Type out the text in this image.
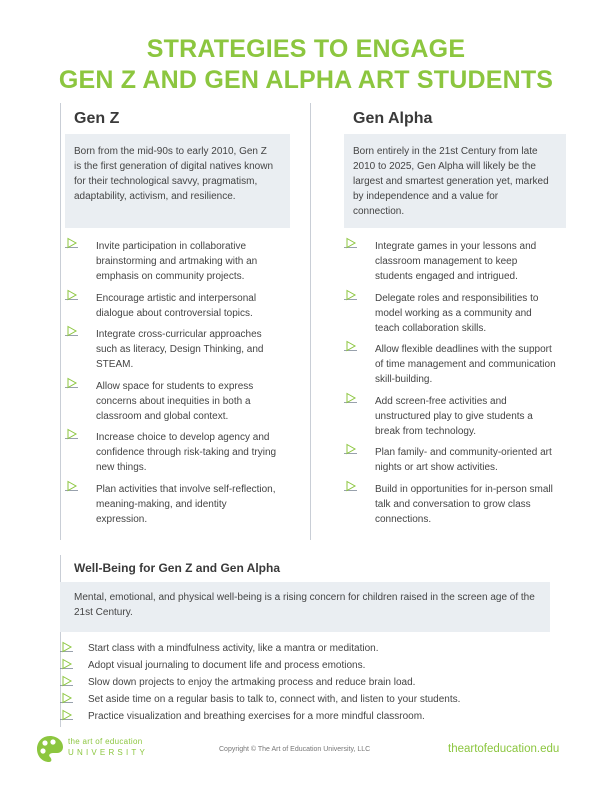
STRATEGIES TO ENGAGE
GEN Z AND GEN ALPHA ART STUDENTS
Gen Z
Born from the mid-90s to early 2010, Gen Z is the first generation of digital natives known for their technological savvy, pragmatism, adaptability, activism, and resilience.
Invite participation in collaborative brainstorming and artmaking with an emphasis on community projects.
Encourage artistic and interpersonal dialogue about controversial topics.
Integrate cross-curricular approaches such as literacy, Design Thinking, and STEAM.
Allow space for students to express concerns about inequities in both a classroom and global context.
Increase choice to develop agency and confidence through risk-taking and trying new things.
Plan activities that involve self-reflection, meaning-making, and identity expression.
Gen Alpha
Born entirely in the 21st Century from late 2010 to 2025, Gen Alpha will likely be the largest and smartest generation yet, marked by independence and a value for connection.
Integrate games in your lessons and classroom management to keep students engaged and intrigued.
Delegate roles and responsibilities to model working as a community and teach collaboration skills.
Allow flexible deadlines with the support of time management and communication skill-building.
Add screen-free activities and unstructured play to give students a break from technology.
Plan family- and community-oriented art nights or art show activities.
Build in opportunities for in-person small talk and conversation to grow class connections.
Well-Being for Gen Z and Gen Alpha
Mental, emotional, and physical well-being is a rising concern for children raised in the screen age of the 21st Century.
Start class with a mindfulness activity, like a mantra or meditation.
Adopt visual journaling to document life and process emotions.
Slow down projects to enjoy the artmaking process and reduce brain load.
Set aside time on a regular basis to talk to, connect with, and listen to your students.
Practice visualization and breathing exercises for a more mindful classroom.
the art of education
UNIVERSITY	Copyright © The Art of Education University, LLC	theartofeducation.edu
